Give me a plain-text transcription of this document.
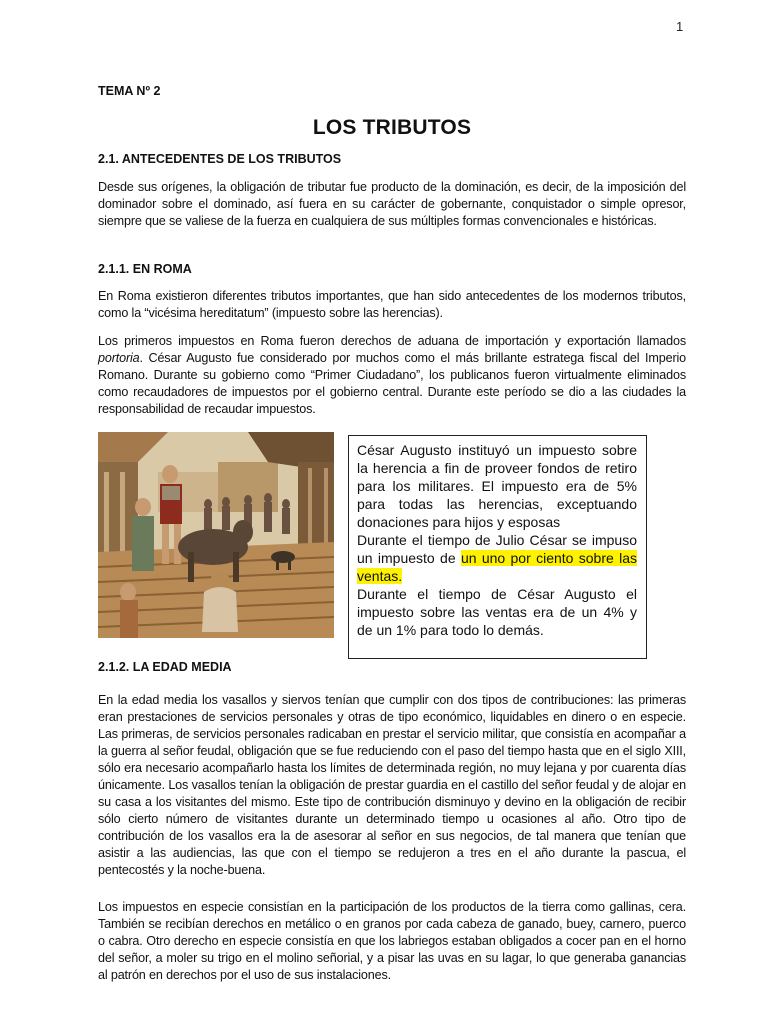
1
TEMA Nº 2
LOS TRIBUTOS
2.1. ANTECEDENTES DE LOS TRIBUTOS

Desde sus orígenes, la obligación de tributar fue producto de la dominación, es decir, de la imposición del dominador sobre el dominado, así fuera en su carácter de gobernante, conquistador o simple opresor, siempre que se valiese de la fuerza en cualquiera de sus múltiples formas convencionales e históricas.

2.1.1. EN ROMA

En Roma existieron diferentes tributos importantes, que han sido antecedentes de los modernos tributos, como la “vicésima hereditatum” (impuesto sobre las herencias).

Los primeros impuestos en Roma fueron derechos de aduana de importación y exportación llamados portoria. César Augusto fue considerado por muchos como el más brillante estratega fiscal del Imperio Romano. Durante su gobierno como “Primer Ciudadano”, los publicanos fueron virtualmente eliminados como recaudadores de impuestos por el gobierno central. Durante este período se dio a las ciudades la responsabilidad de recaudar impuestos.

César Augusto instituyó un impuesto sobre la herencia a fin de proveer fondos de retiro para los militares. El impuesto era de 5% para todas las herencias, exceptuando donaciones para hijos y esposas
Durante el tiempo de Julio César se impuso un impuesto de un uno por ciento sobre las ventas.
Durante el tiempo de César Augusto el impuesto sobre las ventas era de un 4% y de un 1% para todo lo demás.
2.1.2. LA EDAD MEDIA

En la edad media los vasallos y siervos tenían que cumplir con dos tipos de contribuciones: las primeras eran prestaciones de servicios personales y otras de tipo económico, liquidables en dinero o en especie. Las primeras, de servicios personales radicaban en prestar el servicio militar, que consistía en acompañar a la guerra al señor feudal, obligación que se fue reduciendo con el paso del tiempo hasta que en el siglo XIII, sólo era necesario acompañarlo hasta los límites de determinada región, no muy lejana y por cuarenta días únicamente. Los vasallos tenían la obligación de prestar guardia en el castillo del señor feudal y de alojar en su casa a los visitantes del mismo. Este tipo de contribución disminuyo y devino en la obligación de recibir sólo cierto número de visitantes durante un determinado tiempo u ocasiones al año. Otro tipo de contribución de los vasallos era la de asesorar al señor en sus negocios, de tal manera que tenían que asistir a las audiencias, las que con el tiempo se redujeron a tres en el año durante la pascua, el pentecostés y la noche-buena.

Los impuestos en especie consistían en la participación de los productos de la tierra como gallinas, cera. También se recibían derechos en metálico o en granos por cada cabeza de ganado, buey, carnero, puerco o cabra. Otro derecho en especie consistía en que los labriegos estaban obligados a cocer pan en el horno del señor, a moler su trigo en el molino señorial, y a pisar las uvas en su lagar, lo que generaba ganancias al patrón en derechos por el uso de sus instalaciones.
